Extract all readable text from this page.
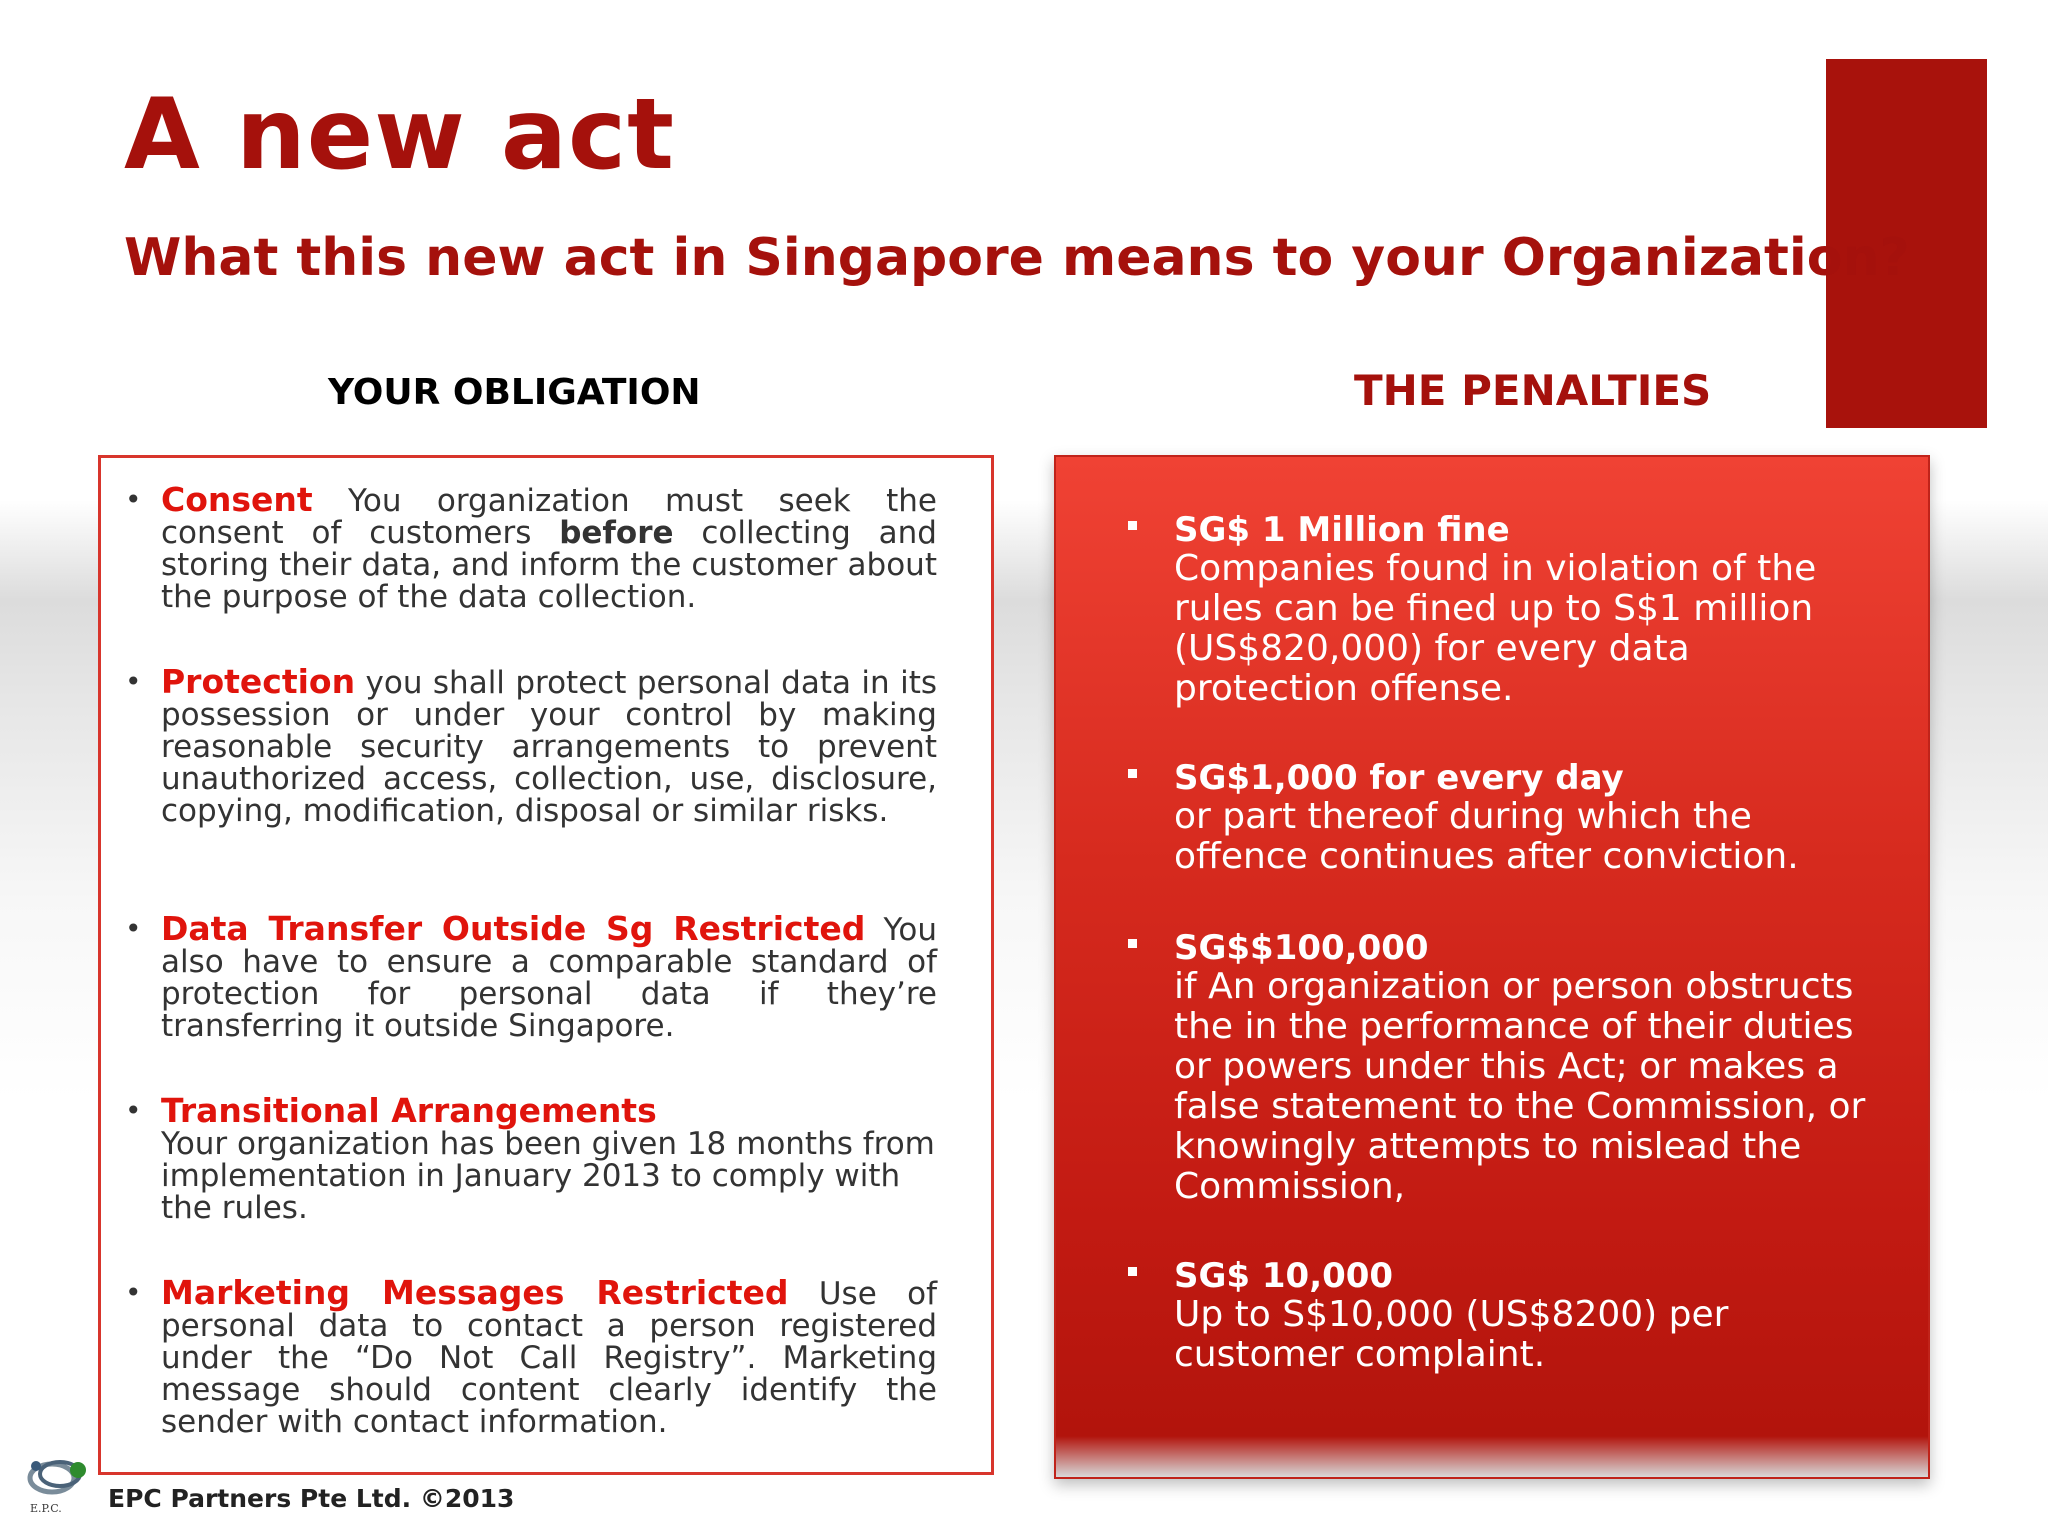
A new act
What this new act in Singapore means to your Organization?
YOUR OBLIGATION	THE PENALTIES
• Consent You organization must seek the consent of customers before collecting and storing their data, and inform the customer about the purpose of the data collection.
• Protection you shall protect personal data in its possession or under your control by making reasonable security arrangements to prevent unauthorized access, collection, use, disclosure, copying, modification, disposal or similar risks.
• Data Transfer Outside Sg Restricted You also have to ensure a comparable standard of protection for personal data if they’re transferring it outside Singapore.
• Transitional Arrangements

Your organization has been given 18 months from implementation in January 2013 to comply with the rules.
• Marketing Messages Restricted Use of personal data to contact a person registered under the “Do Not Call Registry”. Marketing message should content clearly identify the sender with contact information.
SG$ 1 Million fine
Companies found in violation of the rules can be fined up to S$1 million (US$820,000) for every data protection offense.
SG$1,000 for every day
or part thereof during which the offence continues after conviction.
SG$$100,000
if An organization or person obstructs the in the performance of their duties or powers under this Act; or makes a false statement to the Commission, or knowingly attempts to mislead the Commission,
SG$ 10,000
Up to S$10,000 (US$8200) per customer complaint.
E.P.C. EPC Partners Pte Ltd. ©2013
